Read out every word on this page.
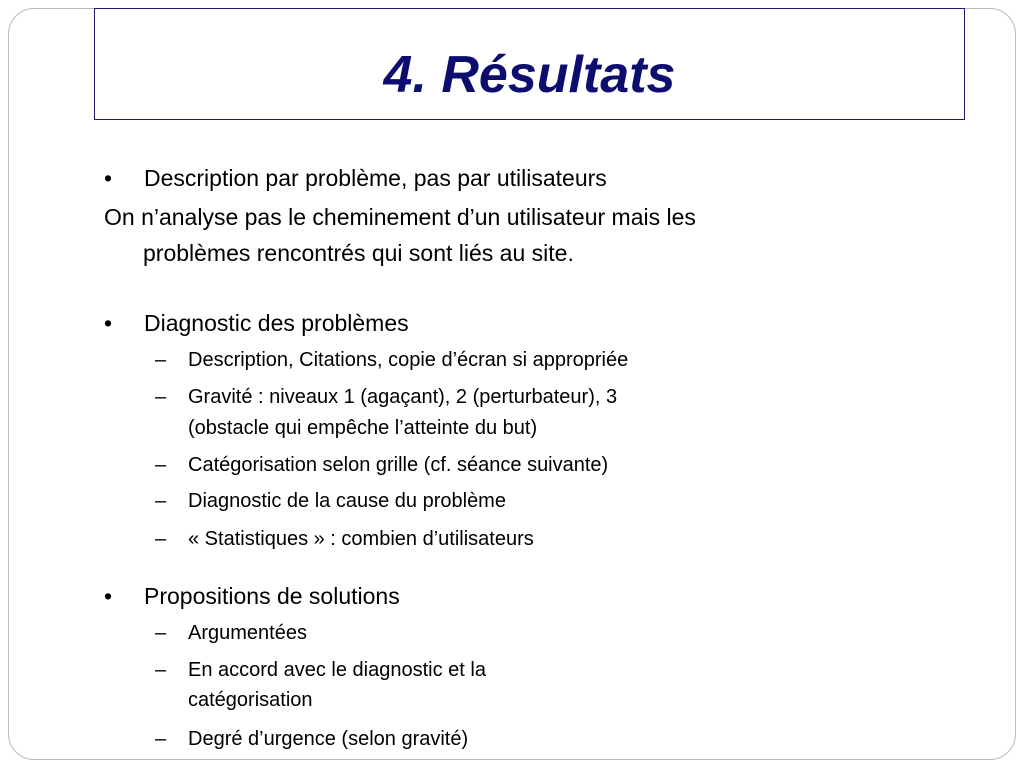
4. Résultats
• Description par problème, pas par utilisateurs
On n’analyse pas le cheminement d’un utilisateur mais les
problèmes rencontrés qui sont liés au site.
• Diagnostic des problèmes
– Description, Citations, copie d’écran si appropriée
– Gravité : niveaux 1 (agaçant), 2 (perturbateur), 3
(obstacle qui empêche l’atteinte du but)
– Catégorisation selon grille (cf. séance suivante)
– Diagnostic de la cause du problème
– « Statistiques » : combien d’utilisateurs
• Propositions de solutions
– Argumentées
– En accord avec le diagnostic et la
catégorisation
– Degré d’urgence (selon gravité)
